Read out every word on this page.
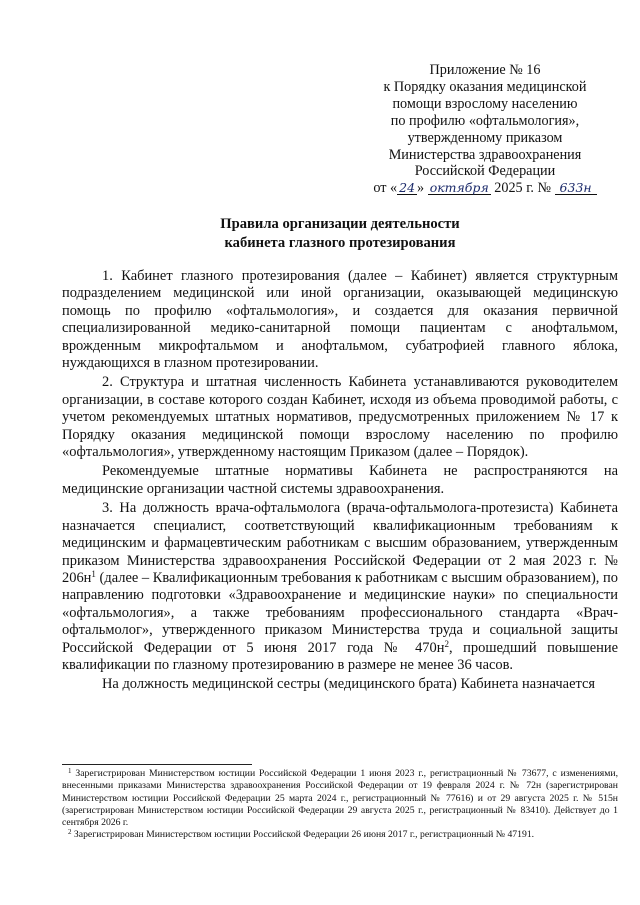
Приложение № 16
к Порядку оказания медицинской
помощи взрослому населению
по профилю «офтальмология»,
утвержденному приказом
Министерства здравоохранения
Российской Федерации
от « 24 » октября 2025 г. № 633н
Правила организации деятельности
кабинета глазного протезирования

1. Кабинет глазного протезирования (далее – Кабинет) является структурным подразделением медицинской или иной организации, оказывающей медицинскую помощь по профилю «офтальмология», и создается для оказания первичной специализированной медико-санитарной помощи пациентам с анофтальмом, врожденным микрофтальмом и анофтальмом, субатрофией главного яблока, нуждающихся в глазном протезировании.

2. Структура и штатная численность Кабинета устанавливаются руководителем организации, в составе которого создан Кабинет, исходя из объема проводимой работы, с учетом рекомендуемых штатных нормативов, предусмотренных приложением № 17 к Порядку оказания медицинской помощи взрослому населению по профилю «офтальмология», утвержденному настоящим Приказом (далее – Порядок).

Рекомендуемые штатные нормативы Кабинета не распространяются на медицинские организации частной системы здравоохранения.

3. На должность врача-офтальмолога (врача-офтальмолога-протезиста) Кабинета назначается специалист, соответствующий квалификационным требованиям к медицинским и фармацевтическим работникам с высшим образованием, утвержденным приказом Министерства здравоохранения Российской Федерации от 2 мая 2023 г. № $206н^1$ (далее – Квалификационным требования к работникам с высшим образованием), по направлению подготовки «Здравоохранение и медицинские науки» по специальности «офтальмология», а также требованиям профессионального стандарта «Врач-офтальмолог», утвержденного приказом Министерства труда и социальной защиты Российской Федерации от 5 июня 2017 года № $470н^2$, прошедший повышение квалификации по глазному протезированию в размере не менее 36 часов.

На должность медицинской сестры (медицинского брата) Кабинета назначается

$^1$ Зарегистрирован Министерством юстиции Российской Федерации 1 июня 2023 г., регистрационный № 73677, с изменениями, внесенными приказами Министерства здравоохранения Российской Федерации от 19 февраля 2024 г. № 72н (зарегистрирован Министерством юстиции Российской Федерации 25 марта 2024 г., регистрационный № 77616) и от 29 августа 2025 г. № 515н (зарегистрирован Министерством юстиции Российской Федерации 29 августа 2025 г., регистрационный № 83410). Действует до 1 сентября 2026 г.

$^2$ Зарегистрирован Министерством юстиции Российской Федерации 26 июня 2017 г., регистрационный № 47191.
